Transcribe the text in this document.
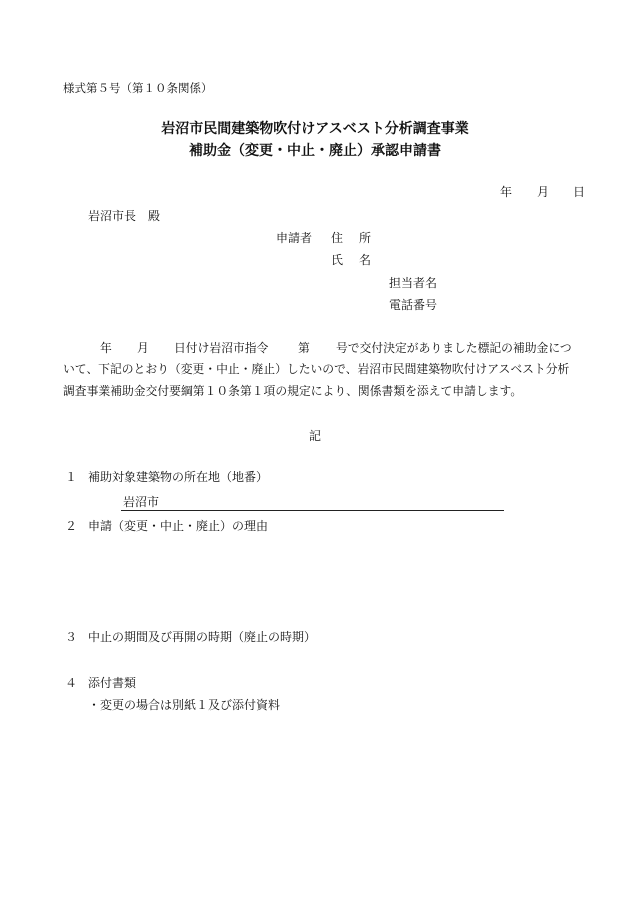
様式第５号（第１０条関係）
岩沼市民間建築物吹付けアスベスト分析調査事業
補助金（変更・中止・廃止）承認申請書
年 月 日
岩沼市長　殿
申請者 住　所
氏　名
担当者名
電話番号
年 月 日付け岩沼市指令	第 号で交付決定がありました標記の補助金につ
いて、下記のとおり（変更・中止・廃止）したいので、岩沼市民間建築物吹付けアスベスト分析
調査事業補助金交付要綱第１０条第１項の規定により、関係書類を添えて申請します。
記
１ 補助対象建築物の所在地（地番）
岩沼市
２ 申請（変更・中止・廃止）の理由
３ 中止の期間及び再開の時期（廃止の時期）
４ 添付書類
・変更の場合は別紙１及び添付資料
